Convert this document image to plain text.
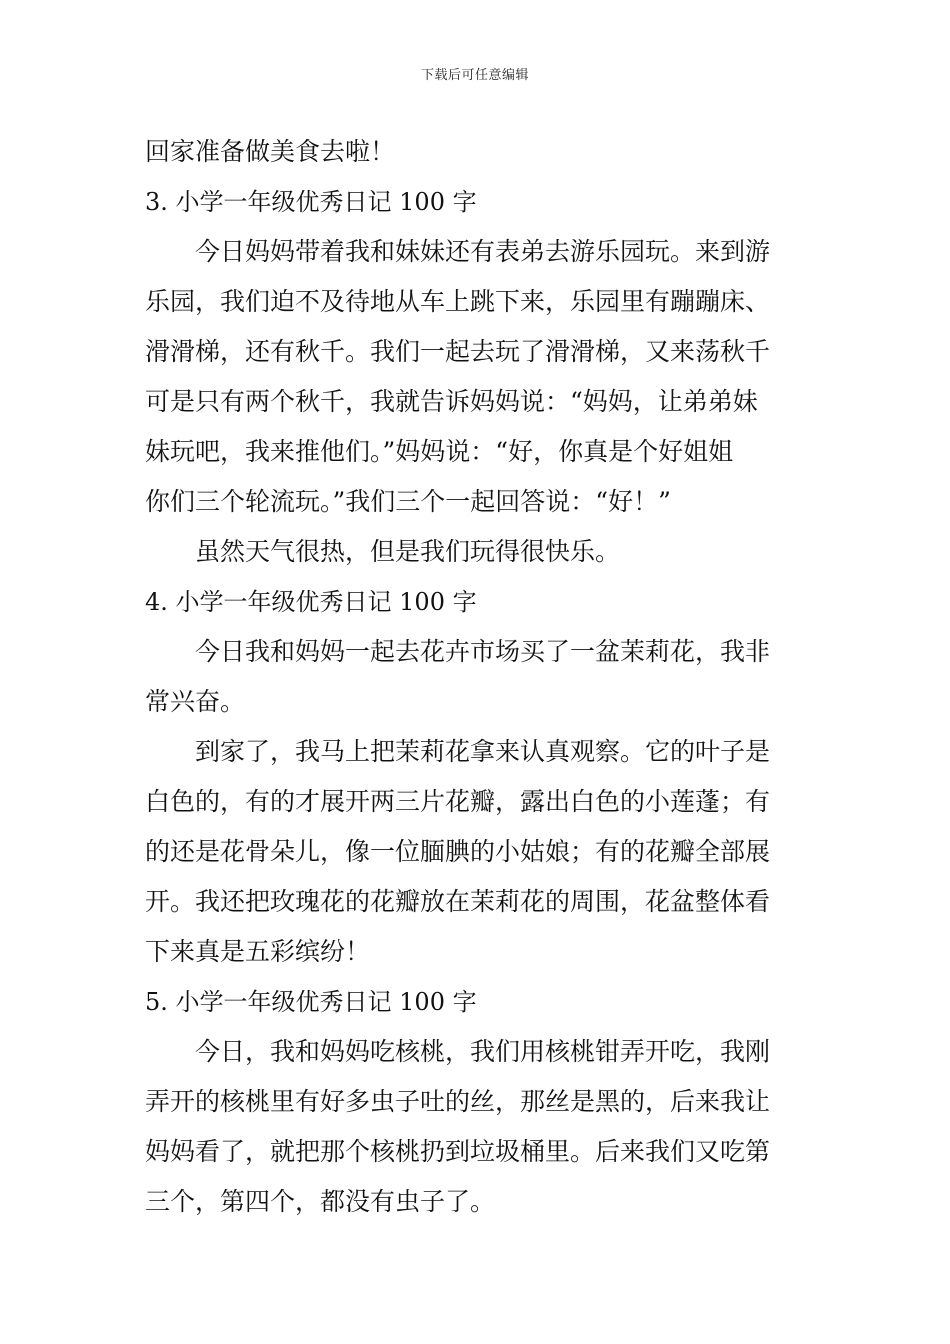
下载后可任意编辑
回家准备做美食去啦！
3. 小学一年级优秀日记 100 字
今日妈妈带着我和妹妹还有表弟去游乐园玩。来到游
乐园，我们迫不及待地从车上跳下来，乐园里有蹦蹦床、
滑滑梯，还有秋千。我们一起去玩了滑滑梯，又来荡秋千
可是只有两个秋千，我就告诉妈妈说：“妈妈，让弟弟妹
妹玩吧，我来推他们。”妈妈说：“好，你真是个好姐姐
你们三个轮流玩。”我们三个一起回答说：“好！”
虽然天气很热，但是我们玩得很快乐。
4. 小学一年级优秀日记 100 字
今日我和妈妈一起去花卉市场买了一盆茉莉花，我非
常兴奋。
到家了，我马上把茉莉花拿来认真观察。它的叶子是
白色的，有的才展开两三片花瓣，露出白色的小莲蓬；有
的还是花骨朵儿，像一位腼腆的小姑娘；有的花瓣全部展
开。我还把玫瑰花的花瓣放在茉莉花的周围，花盆整体看
下来真是五彩缤纷！
5. 小学一年级优秀日记 100 字
今日，我和妈妈吃核桃，我们用核桃钳弄开吃，我刚
弄开的核桃里有好多虫子吐的丝，那丝是黑的，后来我让
妈妈看了，就把那个核桃扔到垃圾桶里。后来我们又吃第
三个，第四个，都没有虫子了。
